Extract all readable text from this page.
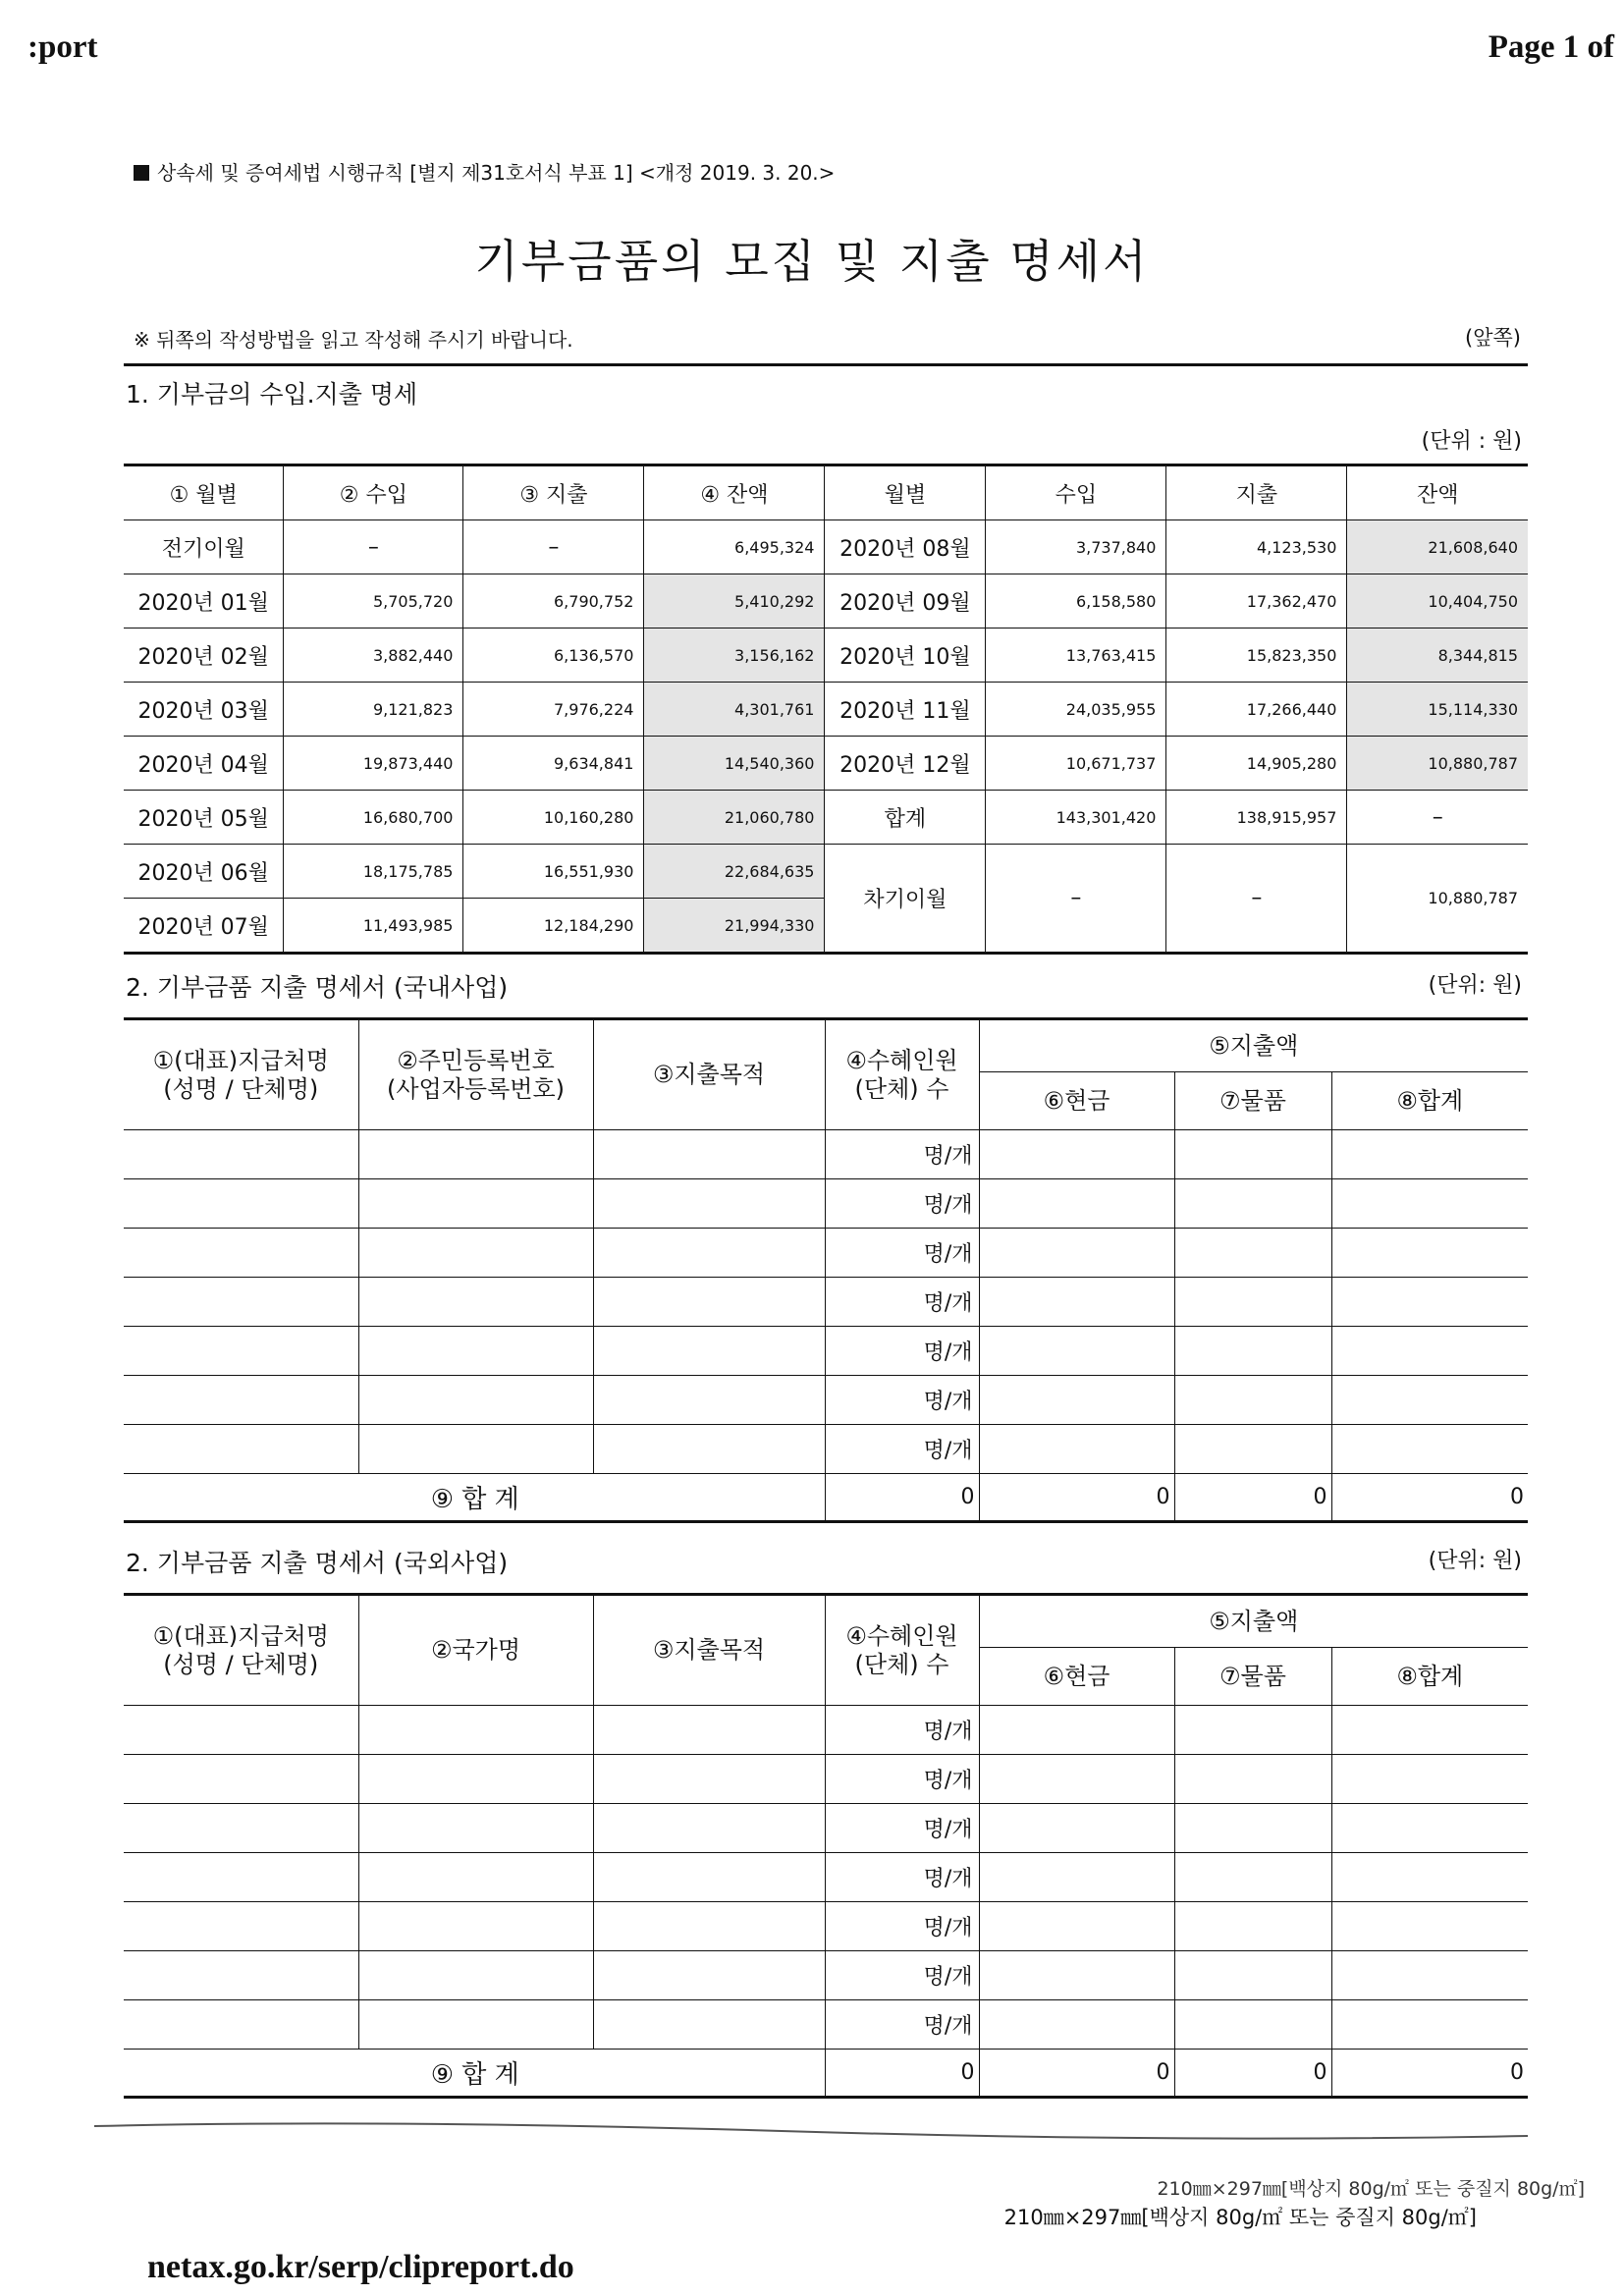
:port	Page 1 of
상속세 및 증여세법 시행규칙 [별지 제31호서식 부표 1] <개정 2019. 3. 20.>
기부금품의 모집 및 지출 명세서
※ 뒤쪽의 작성방법을 읽고 작성해 주시기 바랍니다.	(앞쪽)
1. 기부금의 수입.지출 명세
(단위 : 원)
① 월별	② 수입	③ 지출	④ 잔액	월별	수입	지출	잔액
전기이월	–	–	6,495,324	2020년 08월	3,737,840	4,123,530	21,608,640
2020년 01월	5,705,720	6,790,752	5,410,292	2020년 09월	6,158,580	17,362,470	10,404,750
2020년 02월	3,882,440	6,136,570	3,156,162	2020년 10월	13,763,415	15,823,350	8,344,815
2020년 03월	9,121,823	7,976,224	4,301,761	2020년 11월	24,035,955	17,266,440	15,114,330
2020년 04월	19,873,440	9,634,841	14,540,360	2020년 12월	10,671,737	14,905,280	10,880,787
2020년 05월	16,680,700	10,160,280	21,060,780	합계	143,301,420	138,915,957	–
2020년 06월	18,175,785	16,551,930	22,684,635	차기이월	–	–	10,880,787
2020년 07월	11,493,985	12,184,290	21,994,330				
2. 기부금품 지출 명세서 (국내사업)	(단위: 원)
①(대표)지급처명
(성명 / 단체명)	②주민등록번호
(사업자등록번호)	③지출목적	④수혜인원
(단체) 수	⑤지출액		
				⑥현금	⑦물품	⑧합계
			명/개			
			명/개			
			명/개			
			명/개			
			명/개			
			명/개			
			명/개			
⑨ 합 계			0	0	0	0
2. 기부금품 지출 명세서 (국외사업)	(단위: 원)
①(대표)지급처명
(성명 / 단체명)	②국가명	③지출목적	④수혜인원
(단체) 수	⑤지출액		
				⑥현금	⑦물품	⑧합계
			명/개			
			명/개			
			명/개			
			명/개			
			명/개			
			명/개			
			명/개			
⑨ 합 계			0	0	0	0
210㎜×297㎜[백상지 80g/㎡ 또는 중질지 80g/㎡]
210㎜×297㎜[백상지 80g/㎡ 또는 중질지 80g/㎡]
netax.go.kr/serp/clipreport.do
